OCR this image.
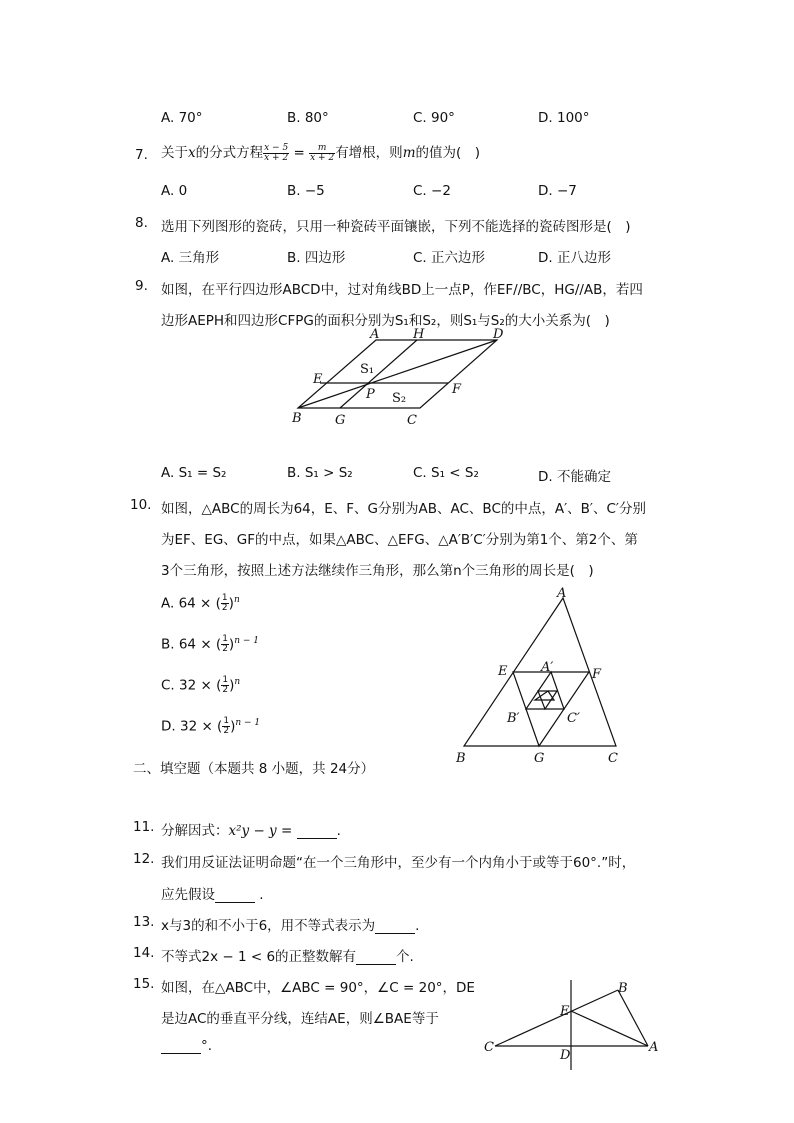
A. 70°	B. 80°	C. 90°	D. 100°
7. 关于x的分式方程 $\frac{x - 5}{x + 2} = \frac{m}{x + 2}$ 有增根，则m的值为(　)
A. 0	B. −5	C. −2	D. −7
8. 选用下列图形的瓷砖，只用一种瓷砖平面镶嵌，下列不能选择的瓷砖图形是(　)
A. 三角形	B. 四边形	C. 正六边形	D. 正八边形
9. 如图，在平行四边形ABCD中，过对角线BD上一点P，作EF//BC，HG//AB，若四
边形AEPH和四边形CFPG的面积分别为S₁和S₂，则S₁与S₂的大小关系为(　)
A	H	D
E
S₁
P S₂
F
B	G	C
A. S₁ = S₂	B. S₁ > S₂	C. S₁ < S₂	D. 不能确定
10. 如图，△ABC的周长为64，E、F、G分别为AB、AC、BC的中点，A′、B′、C′分别
为EF、EG、GF的中点，如果△ABC、△EFG、△A′B′C′分别为第1个、第2个、第
3个三角形，按照上述方法继续作三角形，那么第n个三角形的周长是(　)
A. 64 × ( $\frac{1}{2} )^n$
B. 64 × ( $\frac{1}{2} )^{n - 1}$
C. 32 × ( $\frac{1}{2} )^n$
D. 32 × ( $\frac{1}{2} )^{n - 1}$
A
E	F
A′
B′	C′
B	G	C
二、填空题（本题共 8 小题，共 24分）
11. 分解因式：x²y − y =	.
12. 我们用反证法证明命题“在一个三角形中，至少有一个内角小于或等于60°.”时，
应先假设	.
13. x与3的和不小于6，用不等式表示为	.
14. 不等式2x − 1 < 6的正整数解有	个.
15. 如图，在△ABC中，∠ABC = 90°，∠C = 20°，DE
是边AC的垂直平分线，连结AE，则∠BAE等于
°.
B
E
C
D
A
